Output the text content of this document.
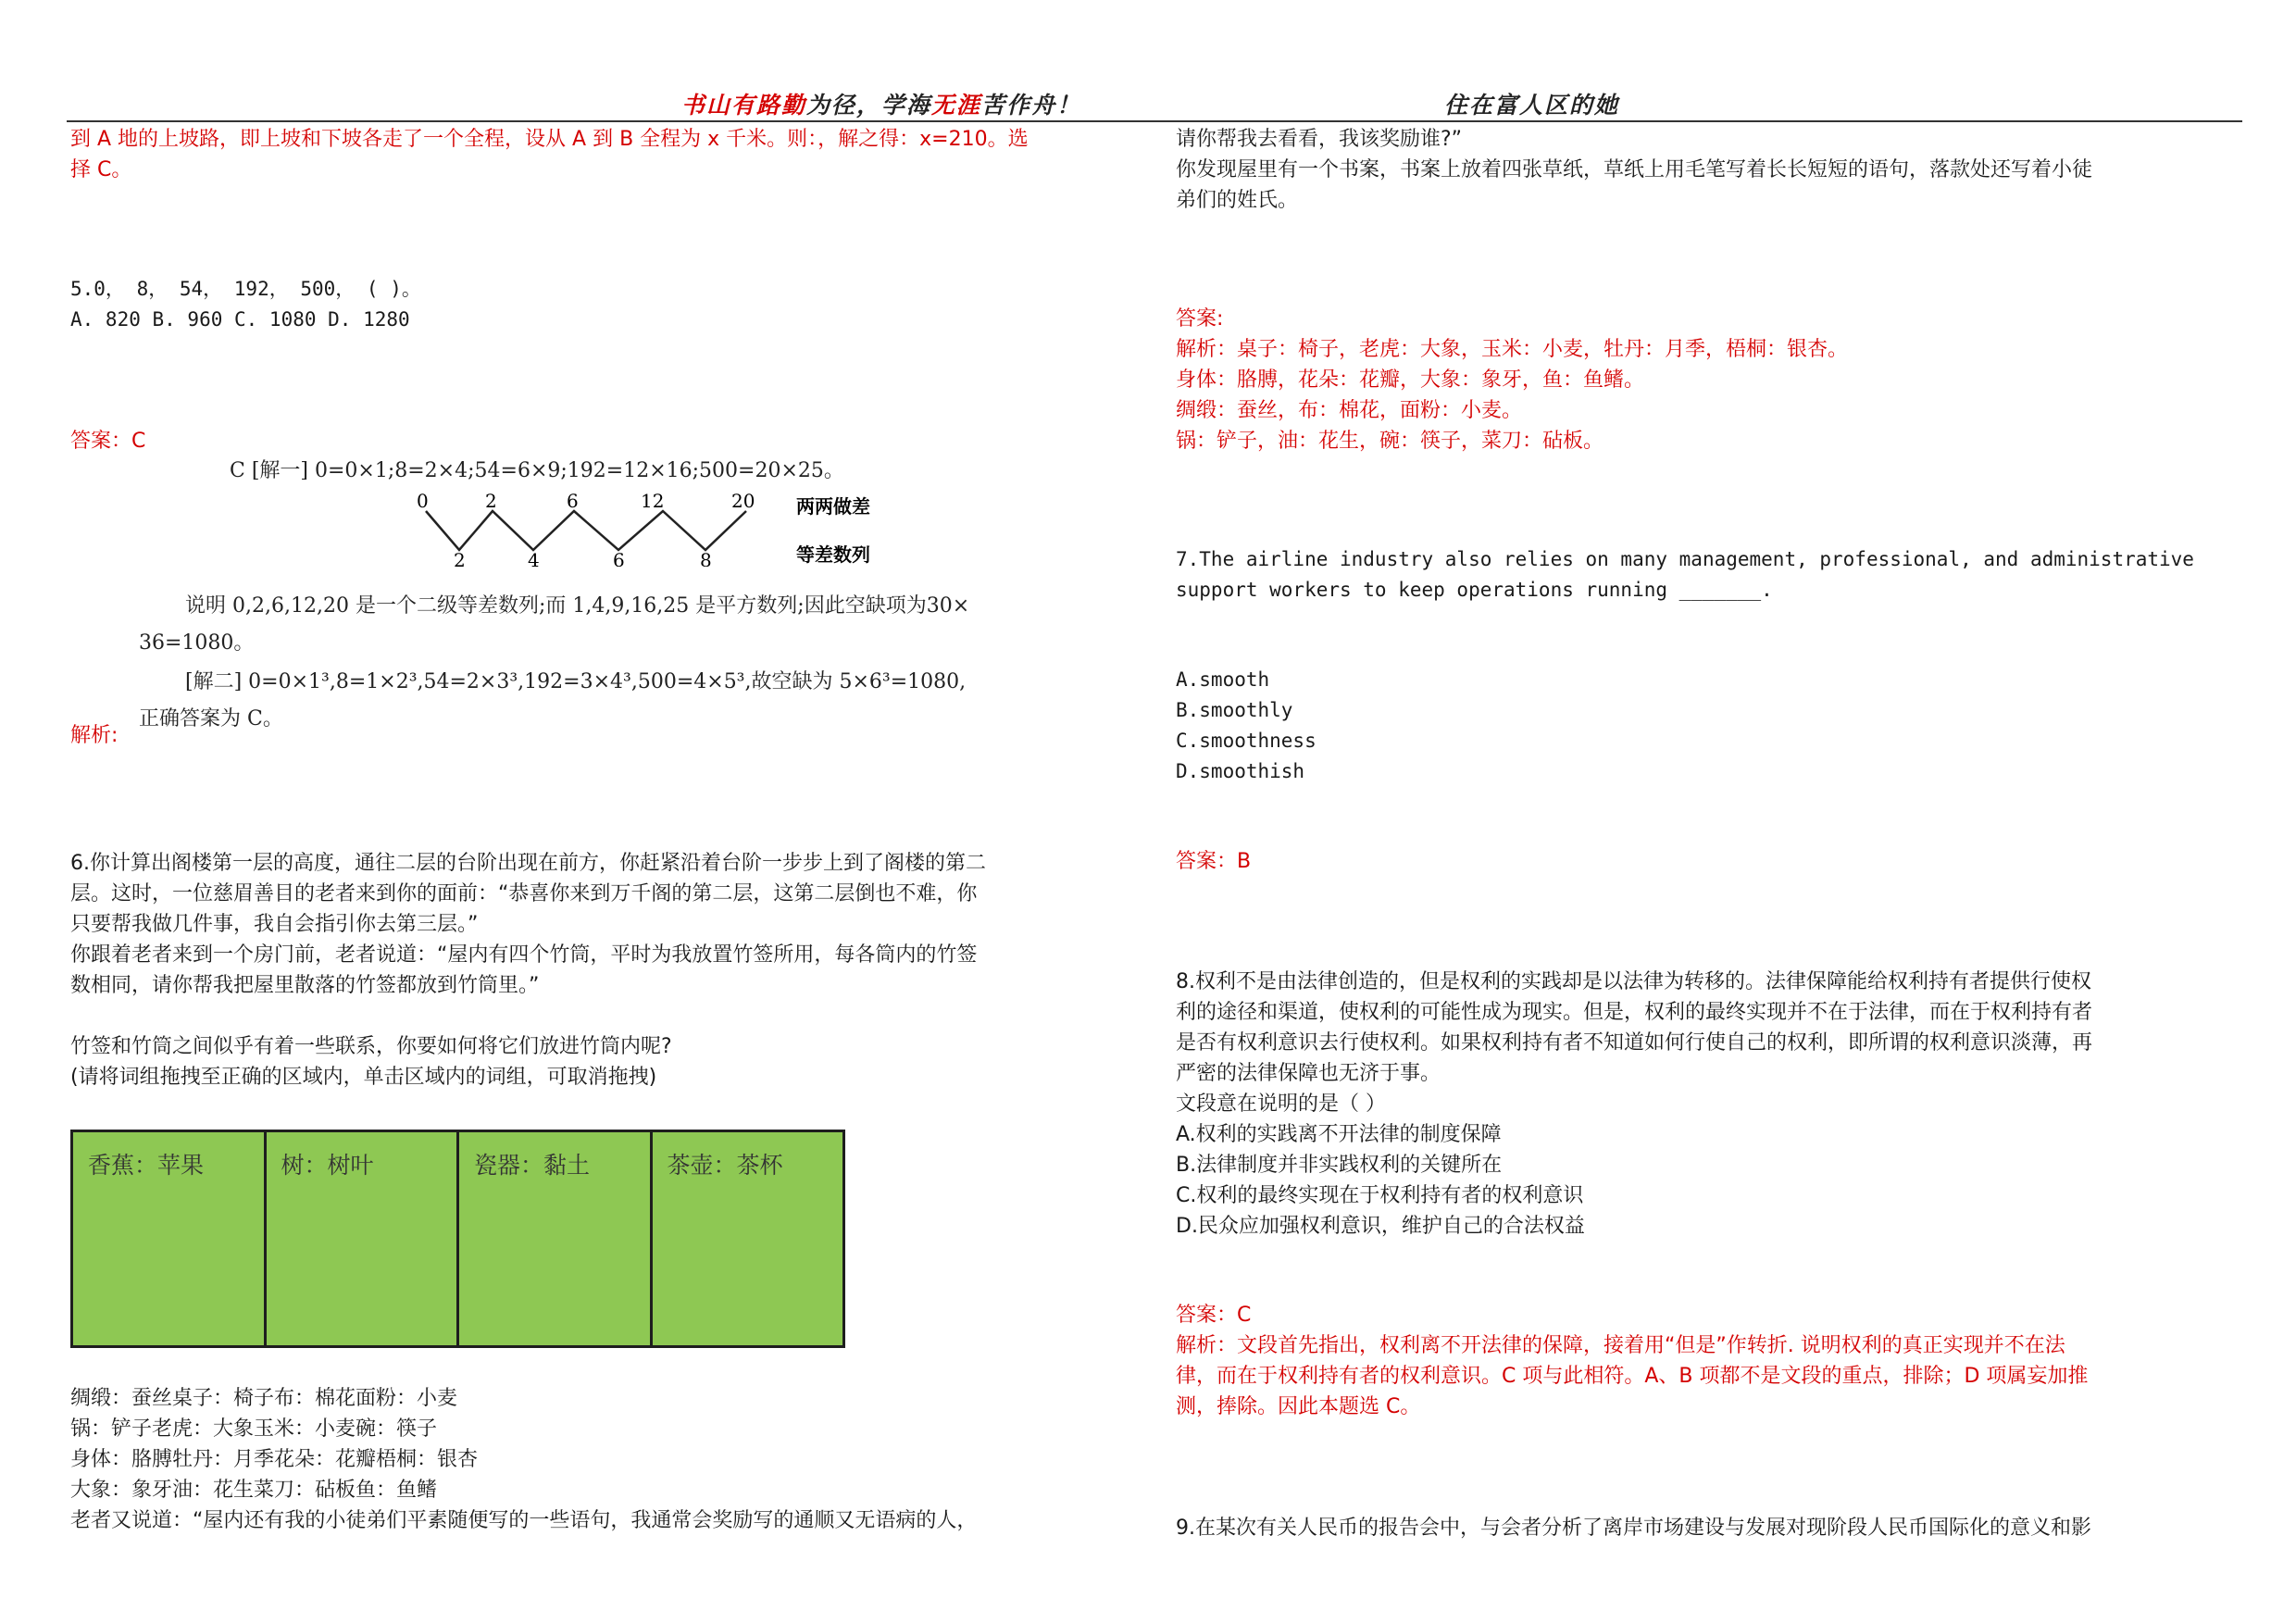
书山有路勤为径，学海无涯苦作舟！	住在富人区的她

到 A 地的上坡路，即上坡和下坡各走了一个全程，设从 A 到 B 全程为 x 千米。则：，解之得：x=210。选

择 C。

5.0， 8， 54， 192， 500， ( )。

A. 820 B. 960 C. 1080 D. 1280

答案：C
解析:

6.你计算出阁楼第一层的高度，通往二层的台阶出现在前方，你赶紧沿着台阶一步步上到了阁楼的第二

层。这时，一位慈眉善目的老者来到你的面前：“恭喜你来到万千阁的第二层，这第二层倒也不难，你

只要帮我做几件事，我自会指引你去第三层。”

你跟着老者来到一个房门前，老者说道：“屋内有四个竹筒，平时为我放置竹签所用，每各筒内的竹签

数相同，请你帮我把屋里散落的竹签都放到竹筒里。”

竹签和竹筒之间似乎有着一些联系，你要如何将它们放进竹筒内呢?

(请将词组拖拽至正确的区域内，单击区域内的词组，可取消拖拽)

绸缎：蚕丝桌子：椅子布：棉花面粉：小麦

锅：铲子老虎：大象玉米：小麦碗：筷子

身体：胳膊牡丹：月季花朵：花瓣梧桐：银杏

大象：象牙油：花生菜刀：砧板鱼：鱼鳍

老者又说道：“屋内还有我的小徒弟们平素随便写的一些语句，我通常会奖励写的通顺又无语病的人，

C [解一] 0=0×1;8=2×4;54=6×9;192=12×16;500=20×25。
0	2	6	12	20
2	4	6	8
两两做差
等差数列
说明 0,2,6,12,20 是一个二级等差数列;而 1,4,9,16,25 是平方数列;因此空缺项为30×
36=1080。
[解二] 0=0×1³,8=1×2³,54=2×3³,192=3×4³,500=4×5³,故空缺为 5×6³=1080,
正确答案为 C。
香蕉：苹果	树：树叶	瓷器：黏土	茶壶：茶杯

请你帮我去看看，我该奖励谁?”

你发现屋里有一个书案，书案上放着四张草纸，草纸上用毛笔写着长长短短的语句，落款处还写着小徒

弟们的姓氏。

答案:

解析：桌子：椅子，老虎：大象，玉米：小麦，牡丹：月季，梧桐：银杏。

身体：胳膊，花朵：花瓣，大象：象牙，鱼：鱼鳍。

绸缎：蚕丝，布：棉花，面粉：小麦。

锅：铲子，油：花生，碗：筷子，菜刀：砧板。

7.The airline industry also relies on many management, professional, and administrative

support workers to keep operations running _______.

A.smooth

B.smoothly

C.smoothness

D.smoothish

答案：B

8.权利不是由法律创造的，但是权利的实践却是以法律为转移的。法律保障能给权利持有者提供行使权

利的途径和渠道，使权利的可能性成为现实。但是，权利的最终实现并不在于法律，而在于权利持有者

是否有权利意识去行使权利。如果权利持有者不知道如何行使自己的权利，即所谓的权利意识淡薄，再

严密的法律保障也无济于事。

文段意在说明的是（ ）

A.权利的实践离不开法律的制度保障

B.法律制度并非实践权利的关键所在

C.权利的最终实现在于权利持有者的权利意识

D.民众应加强权利意识，维护自己的合法权益

答案：C

解析：文段首先指出，权利离不开法律的保障，接着用“但是”作转折. 说明权利的真正实现并不在法

律，而在于权利持有者的权利意识。C 项与此相符。A、B 项都不是文段的重点，排除；D 项属妄加推

测，捧除。因此本题选 C。

9.在某次有关人民币的报告会中，与会者分析了离岸市场建设与发展对现阶段人民币国际化的意义和影
